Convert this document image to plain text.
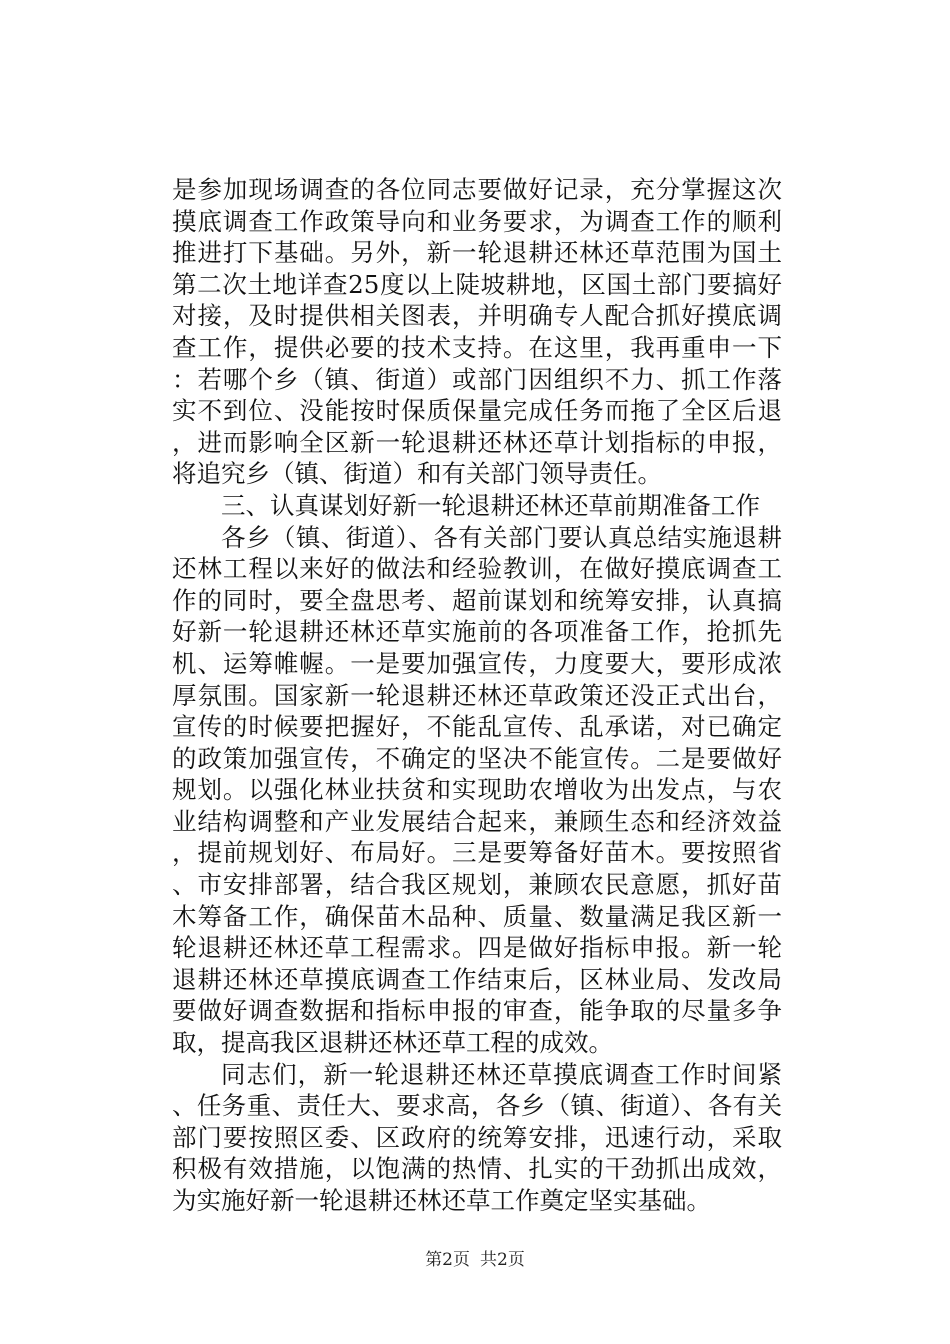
是参加现场调查的各位同志要做好记录，充分掌握这次摸底调查工作政策导向和业务要求，为调查工作的顺利推进打下基础。另外，新一轮退耕还林还草范围为国土第二次土地详查25度以上陡坡耕地，区国土部门要搞好对接，及时提供相关图表，并明确专人配合抓好摸底调查工作，提供必要的技术支持。在这里，我再重申一下：若哪个乡（镇、街道）或部门因组织不力、抓工作落实不到位、没能按时保质保量完成任务而拖了全区后退，进而影响全区新一轮退耕还林还草计划指标的申报，将追究乡（镇、街道）和有关部门领导责任。

三、认真谋划好新一轮退耕还林还草前期准备工作

各乡（镇、街道）、各有关部门要认真总结实施退耕还林工程以来好的做法和经验教训，在做好摸底调查工作的同时，要全盘思考、超前谋划和统筹安排，认真搞好新一轮退耕还林还草实施前的各项准备工作，抢抓先机、运筹帷幄。一是要加强宣传，力度要大，要形成浓厚氛围。国家新一轮退耕还林还草政策还没正式出台，宣传的时候要把握好，不能乱宣传、乱承诺，对已确定的政策加强宣传，不确定的坚决不能宣传。二是要做好规划。以强化林业扶贫和实现助农增收为出发点，与农业结构调整和产业发展结合起来，兼顾生态和经济效益，提前规划好、布局好。三是要筹备好苗木。要按照省、市安排部署，结合我区规划，兼顾农民意愿，抓好苗木筹备工作，确保苗木品种、质量、数量满足我区新一轮退耕还林还草工程需求。四是做好指标申报。新一轮退耕还林还草摸底调查工作结束后，区林业局、发改局要做好调查数据和指标申报的审查，能争取的尽量多争取，提高我区退耕还林还草工程的成效。

同志们，新一轮退耕还林还草摸底调查工作时间紧、任务重、责任大、要求高，各乡（镇、街道）、各有关部门要按照区委、区政府的统筹安排，迅速行动，采取积极有效措施，以饱满的热情、扎实的干劲抓出成效，为实施好新一轮退耕还林还草工作奠定坚实基础。

第2页 共2页
